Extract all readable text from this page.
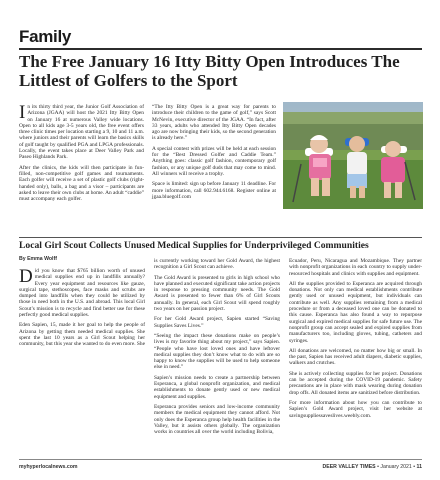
Family
The Free January 16 Itty Bitty Open Introduces The Littlest of Golfers to the Sport

In its thirty third year, the Junior Golf Association of Arizona (JGAA) will host the 2021 Itty Bitty Open on January 16 at numerous Valley wide locations. Open to all kids age 3-5 years old, the free event offers three clinic times per location starting a 9, 10 and 11 a.m. where juniors and their parents will learn the basics skills of golf taught by qualified PGA and LPGA professionals. Locally, the event takes place at Deer Valley Park and Paseo Highlands Park.

After the clinics, the kids will then participate in fun-filled, non-competitive golf games and tournaments. Each golfer will receive a set of plastic golf clubs (right-handed only), balls, a bag and a visor – participants are asked to leave their own clubs at home. An adult “caddie” must accompany each golfer.

“The Itty Bitty Open is a great way for parents to introduce their children to the game of golf,” says Scott McNevin, executive director of the JGAA. “In fact, after 33 years, adults who attended Itty Bitty Open decades ago are now bringing their kids, so the second generation is already here.”

A special contest with prizes will be held at each session for the “Best Dressed Golfer and Caddie Team.” Anything goes: classic golf fashion, contemporary golf fashion, or any unique golf duds that may come to mind. All winners will receive a trophy.

Space is limited: sign up before January 11 deadline. For more information, call 602.944.6168. Register online at jgaa.bluegolf.com

Local Girl Scout Collects Unused Medical Supplies for Underprivileged Communities
By Emma Wolff

Did you know that $765 billion worth of unused medical supplies end up in landfills annually? Every year equipment and resources like gauze, surgical tape, stethoscopes, face masks and scrubs are dumped into landfills when they could be utilized by those in need both in the U.S. and abroad. This local Girl Scout’s mission is to recycle and find better use for these perfectly good medical supplies.

Eden Sapien, 15, made it her goal to help the people of Arizona by getting them needed medical supplies. She spent the last 10 years as a Girl Scout helping her community, but this year she wanted to do even more. She

is currently working toward her Gold Award, the highest recognition a Girl Scout can achieve.

The Gold Award is presented to girls in high school who have planned and executed significant take action projects in response to pressing community needs. The Gold Award is presented to fewer than 6% of Girl Scouts annually. In general, each Girl Scout will spend roughly two years on her passion project.

For her Gold Award project, Sapien started “Saving Supplies Saves Lives.”

“Seeing the impact these donations make on people’s lives is my favorite thing about my project,” says Sapien. “People who have lost loved ones and have leftover medical supplies they don’t know what to do with are so happy to know the supplies will be used to help someone else in need.”

Sapien’s mission needs to create a partnership between Esperanca, a global nonprofit organization, and medical establishments to donate gently used or new medical equipment and supplies.

Esperanca provides seniors and low-income community members the medical equipment they cannot afford. Not only does the Esperanca group help health facilities in the Valley, but it assists others globally. The organization works in countries all over the world including Bolivia,

Ecuador, Peru, Nicaragua and Mozambique. They partner with nonprofit organizations in each country to supply under-resourced hospitals and clinics with supplies and equipment.

All the supplies provided to Esperanca are acquired through donations. Not only can medical establishments contribute gently used or unused equipment, but individuals can contribute as well. Any supplies remaining from a medical procedure or from a deceased loved one can be donated to this cause. Esperanca has also found a way to repurpose surgical and expired medical supplies for safe future use. The nonprofit group can accept sealed and expired supplies from manufacturers too, including gloves, tubing, catheters and syringes.

All donations are welcomed, no matter how big or small. In the past, Sapien has received adult diapers, diabetic supplies, walkers and crutches.

She is actively collecting supplies for her project. Donations can be accepted during the COVID-19 pandemic. Safety precautions are in place with mask wearing during donation drop offs. All donated items are sanitized before distribution.

For more information about how you can contribute to Sapien’s Gold Award project, visit her website at savingsuppliessaveslives.weebly.com.

myhyperlocalnews.com	DEER VALLEY TIMES • January 2021 • 11
